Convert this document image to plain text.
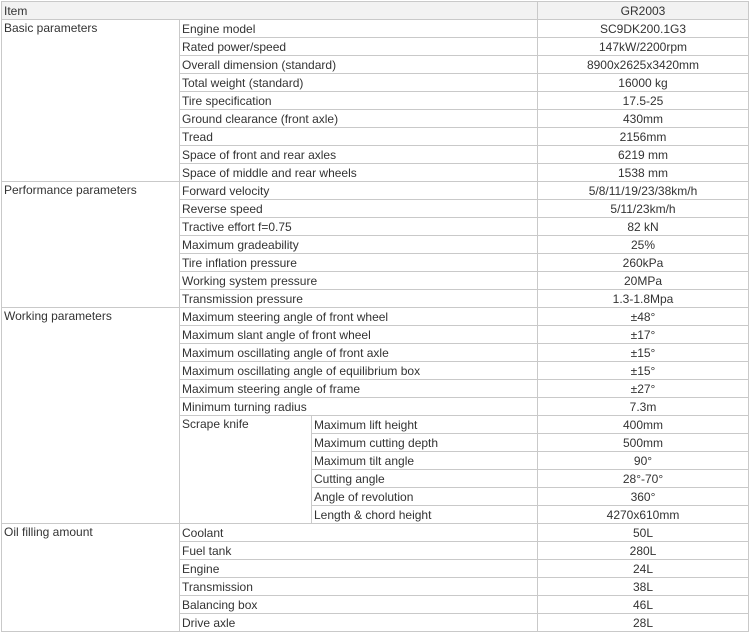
Item			GR2003
Basic parameters	Engine model		SC9DK200.1G3
	Rated power/speed		147kW/2200rpm
	Overall dimension (standard)		8900x2625x3420mm
	Total weight (standard)		16000 kg
	Tire specification		17.5-25
	Ground clearance (front axle)		430mm
	Tread		2156mm
	Space of front and rear axles		6219 mm
	Space of middle and rear wheels		1538 mm
Performance parameters	Forward velocity		5/8/11/19/23/38km/h
	Reverse speed		5/11/23km/h
	Tractive effort f=0.75		82 kN
	Maximum gradeability		25%
	Tire inflation pressure		260kPa
	Working system pressure		20MPa
	Transmission pressure		1.3-1.8Mpa
Working parameters	Maximum steering angle of front wheel		±48°
	Maximum slant angle of front wheel		±17°
	Maximum oscillating angle of front axle		±15°
	Maximum oscillating angle of equilibrium box		±15°
	Maximum steering angle of frame		±27°
	Minimum turning radius		7.3m
	Scrape knife	Maximum lift height	400mm
		Maximum cutting depth	500mm
		Maximum tilt angle	90°
		Cutting angle	28°-70°
		Angle of revolution	360°
		Length & chord height	4270x610mm
Oil filling amount	Coolant		50L
	Fuel tank		280L
	Engine		24L
	Transmission		38L
	Balancing box		46L
	Drive axle		28L
